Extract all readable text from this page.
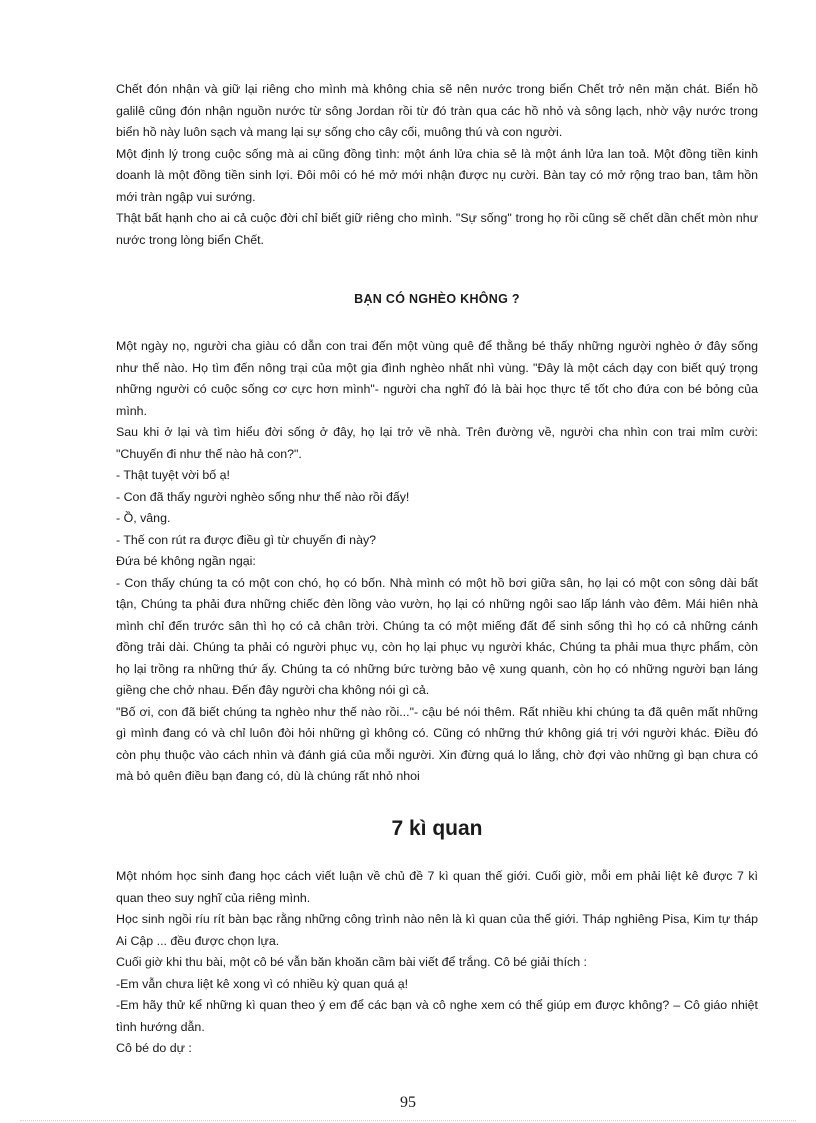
Chết đón nhận và giữ lại riêng cho mình mà không chia sẽ nên nước trong biển Chết trở nên mặn chát. Biển hồ galilê cũng đón nhận nguồn nước từ sông Jordan rồi từ đó tràn qua các hồ nhỏ và sông lạch, nhờ vậy nước trong biển hồ này luôn sạch và mang lại sự sống cho cây cối, muông thú và con người.

Một định lý trong cuộc sống mà ai cũng đồng tình: một ánh lửa chia sẻ là một ánh lửa lan toả. Một đồng tiền kinh doanh là một đồng tiền sinh lợi. Đôi môi có hé mở mới nhận được nụ cười. Bàn tay có mở rộng trao ban, tâm hồn mới tràn ngập vui sướng.

Thật bất hạnh cho ai cả cuộc đời chỉ biết giữ riêng cho mình. "Sự sống" trong họ rồi cũng sẽ chết dần chết mòn như nước trong lòng biển Chết.

BẠN CÓ NGHÈO KHÔNG ?

Một ngày nọ, người cha giàu có dẫn con trai đến một vùng quê để thằng bé thấy những người nghèo ở đây sống như thế nào. Họ tìm đến nông trại của một gia đình nghèo nhất nhì vùng. "Đây là một cách dạy con biết quý trọng những người có cuộc sống cơ cực hơn mình"- người cha nghĩ đó là bài học thực tế tốt cho đứa con bé bỏng của mình.

Sau khi ở lại và tìm hiểu đời sống ở đây, họ lại trở về nhà. Trên đường về, người cha nhìn con trai mỉm cười: "Chuyến đi như thế nào hả con?".

- Thật tuyệt vời bố ạ!

- Con đã thấy người nghèo sống như thế nào rồi đấy!

- Ồ, vâng.

- Thế con rút ra được điều gì từ chuyến đi này?

Đứa bé không ngần ngại:

- Con thấy chúng ta có một con chó, họ có bốn. Nhà mình có một hồ bơi giữa sân, họ lại có một con sông dài bất tận, Chúng ta phải đưa những chiếc đèn lồng vào vườn, họ lại có những ngôi sao lấp lánh vào đêm. Mái hiên nhà mình chỉ đến trước sân thì họ có cả chân trời. Chúng ta có một miếng đất để sinh sống thì họ có cả những cánh đồng trải dài. Chúng ta phải có người phục vụ, còn họ lại phục vụ người khác, Chúng ta phải mua thực phẩm, còn họ lại trồng ra những thứ ấy. Chúng ta có những bức tường bảo vệ xung quanh, còn họ có những người bạn láng giềng che chở nhau. Đến đây người cha không nói gì cả.

"Bố ơi, con đã biết chúng ta nghèo như thế nào rồi..."- cậu bé nói thêm. Rất nhiều khi chúng ta đã quên mất những gì mình đang có và chỉ luôn đòi hỏi những gì không có. Cũng có những thứ không giá trị với người khác. Điều đó còn phụ thuộc vào cách nhìn và đánh giá của mỗi người. Xin đừng quá lo lắng, chờ đợi vào những gì bạn chưa có mà bỏ quên điều bạn đang có, dù là chúng rất nhỏ nhoi

7 kì quan

Một nhóm học sinh đang học cách viết luận về chủ đề 7 kì quan thế giới. Cuối giờ, mỗi em phải liệt kê được 7 kì quan theo suy nghĩ của riêng mình.

Học sinh ngồi ríu rít bàn bạc rằng những công trình nào nên là kì quan của thế giới. Tháp nghiêng Pisa, Kim tự tháp Ai Cập ... đều được chọn lựa.

Cuối giờ khi thu bài, một cô bé vẫn băn khoăn cầm bài viết để trắng. Cô bé giải thích :

-Em vẫn chưa liệt kê xong vì có nhiều kỳ quan quá ạ!

-Em hãy thử kể những kì quan theo ý em để các bạn và cô nghe xem có thể giúp em được không? – Cô giáo nhiệt tình hướng dẫn.

Cô bé do dự :

95
